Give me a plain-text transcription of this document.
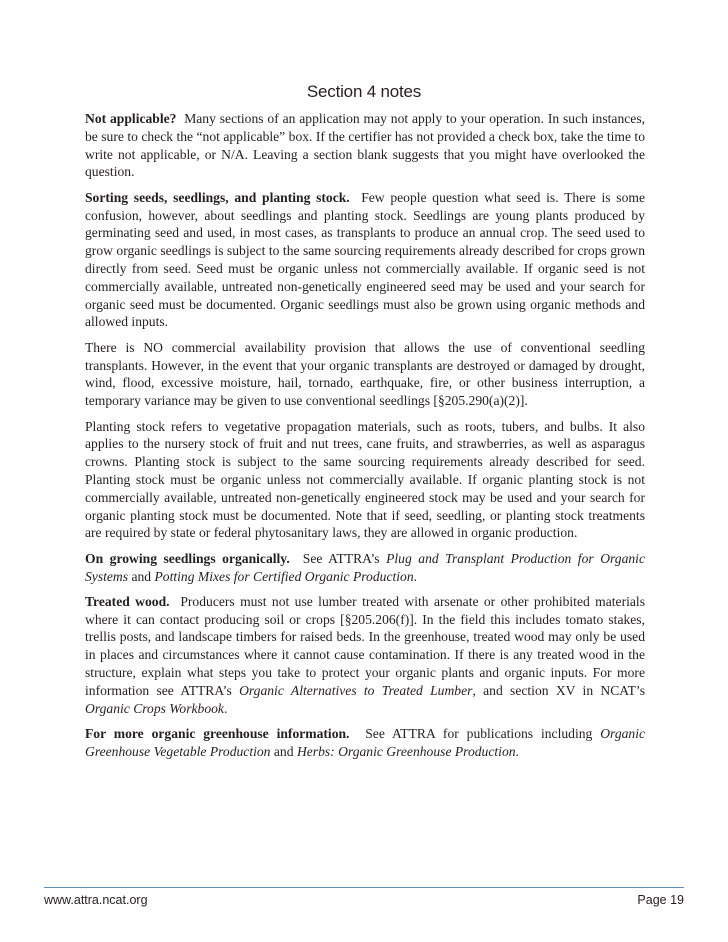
Section 4 notes

Not applicable? Many sections of an application may not apply to your operation. In such instances, be sure to check the “not applicable” box. If the certifier has not provided a check box, take the time to write not applicable, or N/A. Leaving a section blank suggests that you might have overlooked the question.

Sorting seeds, seedlings, and planting stock. Few people question what seed is. There is some confusion, however, about seedlings and planting stock. Seedlings are young plants produced by germinating seed and used, in most cases, as transplants to produce an annual crop. The seed used to grow organic seedlings is subject to the same sourcing requirements already described for crops grown directly from seed. Seed must be organic unless not commercially available. If organic seed is not commercially available, untreated non-genetically engineered seed may be used and your search for organic seed must be documented. Organic seedlings must also be grown using organic methods and allowed inputs.

There is NO commercial availability provision that allows the use of conventional seedling transplants. However, in the event that your organic transplants are destroyed or damaged by drought, wind, flood, excessive moisture, hail, tornado, earthquake, fire, or other business interruption, a temporary variance may be given to use conventional seedlings [§205.290(a)(2)].

Planting stock refers to vegetative propagation materials, such as roots, tubers, and bulbs. It also applies to the nursery stock of fruit and nut trees, cane fruits, and strawberries, as well as asparagus crowns. Planting stock is subject to the same sourcing requirements already described for seed. Planting stock must be organic unless not commercially available. If organic planting stock is not commercially available, untreated non-genetically engineered stock may be used and your search for organic planting stock must be documented. Note that if seed, seedling, or planting stock treatments are required by state or federal phytosanitary laws, they are allowed in organic production.

On growing seedlings organically. See ATTRA’s Plug and Transplant Production for Organic Systems and Potting Mixes for Certified Organic Production.

Treated wood. Producers must not use lumber treated with arsenate or other prohibited materials where it can contact producing soil or crops [§205.206(f)]. In the field this includes tomato stakes, trellis posts, and landscape timbers for raised beds. In the greenhouse, treated wood may only be used in places and circumstances where it cannot cause contamination. If there is any treated wood in the structure, explain what steps you take to protect your organic plants and organic inputs. For more information see ATTRA’s Organic Alternatives to Treated Lumber, and section XV in NCAT’s Organic Crops Workbook.

For more organic greenhouse information. See ATTRA for publications including Organic Greenhouse Vegetable Production and Herbs: Organic Greenhouse Production.

www.attra.ncat.org	Page 19
